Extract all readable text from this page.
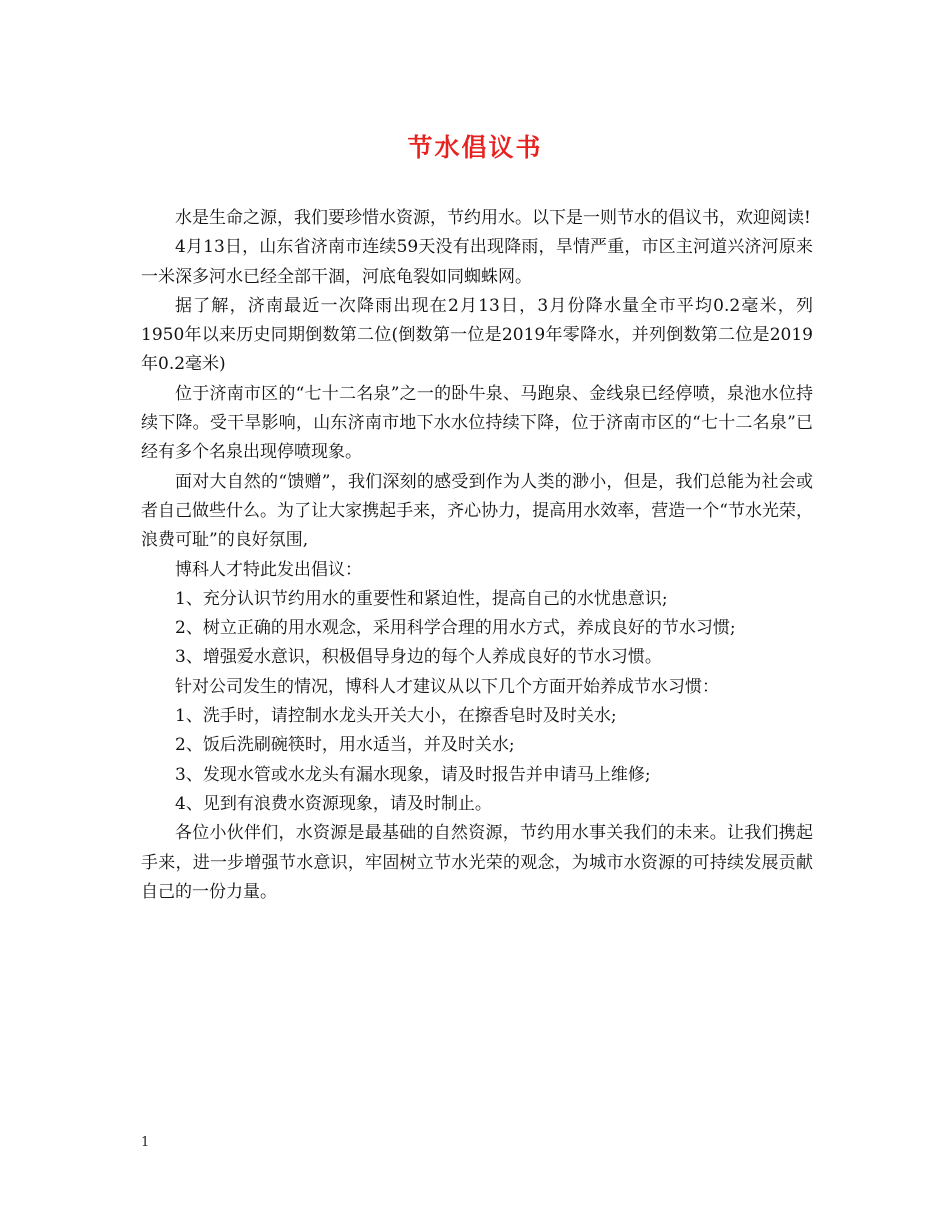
节水倡议书

水是生命之源，我们要珍惜水资源，节约用水。以下是一则节水的倡议书，欢迎阅读!

4月13日，山东省济南市连续59天没有出现降雨，旱情严重，市区主河道兴济河原来一米深多河水已经全部干涸，河底龟裂如同蜘蛛网。

据了解，济南最近一次降雨出现在2月13日，3月份降水量全市平均0.2毫米，列1950年以来历史同期倒数第二位(倒数第一位是2019年零降水，并列倒数第二位是2019年0.2毫米)

位于济南市区的“七十二名泉”之一的卧牛泉、马跑泉、金线泉已经停喷，泉池水位持续下降。受干旱影响，山东济南市地下水水位持续下降，位于济南市区的“七十二名泉”已经有多个名泉出现停喷现象。

面对大自然的“馈赠”，我们深刻的感受到作为人类的渺小，但是，我们总能为社会或者自己做些什么。为了让大家携起手来，齐心协力，提高用水效率，营造一个“节水光荣，浪费可耻”的良好氛围,

博科人才特此发出倡议：

1、充分认识节约用水的重要性和紧迫性，提高自己的水忧患意识;

2、树立正确的用水观念，采用科学合理的用水方式，养成良好的节水习惯;

3、增强爱水意识，积极倡导身边的每个人养成良好的节水习惯。

针对公司发生的情况，博科人才建议从以下几个方面开始养成节水习惯：

1、洗手时，请控制水龙头开关大小，在擦香皂时及时关水;

2、饭后洗刷碗筷时，用水适当，并及时关水;

3、发现水管或水龙头有漏水现象，请及时报告并申请马上维修;

4、见到有浪费水资源现象，请及时制止。

各位小伙伴们，水资源是最基础的自然资源，节约用水事关我们的未来。让我们携起手来，进一步增强节水意识，牢固树立节水光荣的观念，为城市水资源的可持续发展贡献自己的一份力量。

1
